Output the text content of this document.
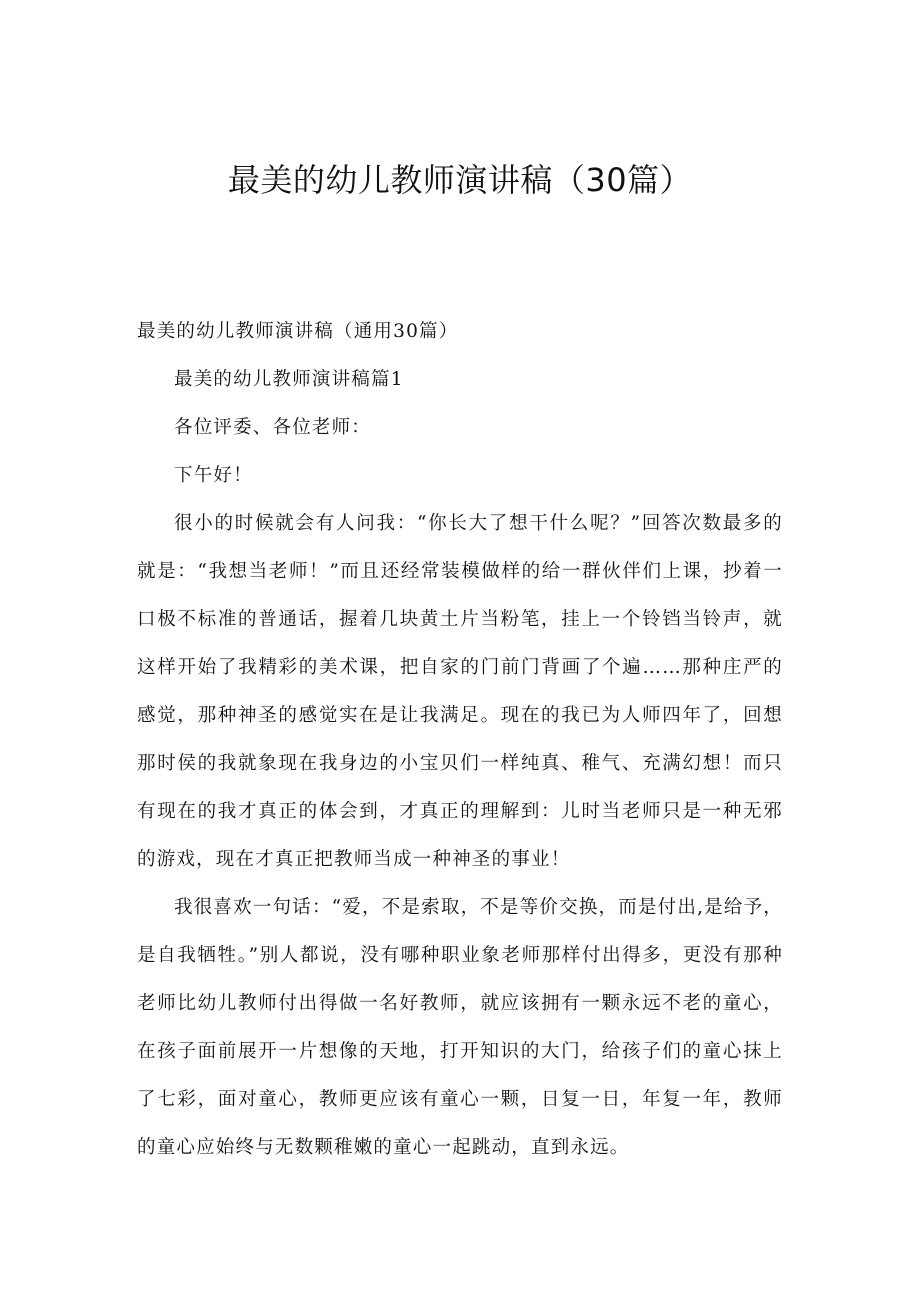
最美的幼儿教师演讲稿（30篇）
最美的幼儿教师演讲稿（通用30篇）
最美的幼儿教师演讲稿篇1
各位评委、各位老师：
下午好！

很小的时候就会有人问我：“你长大了想干什么呢？”回答次数最多的就是：“我想当老师！”而且还经常装模做样的给一群伙伴们上课，抄着一口极不标准的普通话，握着几块黄土片当粉笔，挂上一个铃铛当铃声，就这样开始了我精彩的美术课，把自家的门前门背画了个遍……那种庄严的感觉，那种神圣的感觉实在是让我满足。现在的我已为人师四年了，回想那时侯的我就象现在我身边的小宝贝们一样纯真、稚气、充满幻想！而只有现在的我才真正的体会到，才真正的理解到：儿时当老师只是一种无邪的游戏，现在才真正把教师当成一种神圣的事业！

我很喜欢一句话：“爱，不是索取，不是等价交换，而是付出,是给予，是自我牺牲。”别人都说，没有哪种职业象老师那样付出得多，更没有那种老师比幼儿教师付出得做一名好教师，就应该拥有一颗永远不老的童心，在孩子面前展开一片想像的天地，打开知识的大门，给孩子们的童心抹上了七彩，面对童心，教师更应该有童心一颗，日复一日，年复一年，教师的童心应始终与无数颗稚嫩的童心一起跳动，直到永远。
